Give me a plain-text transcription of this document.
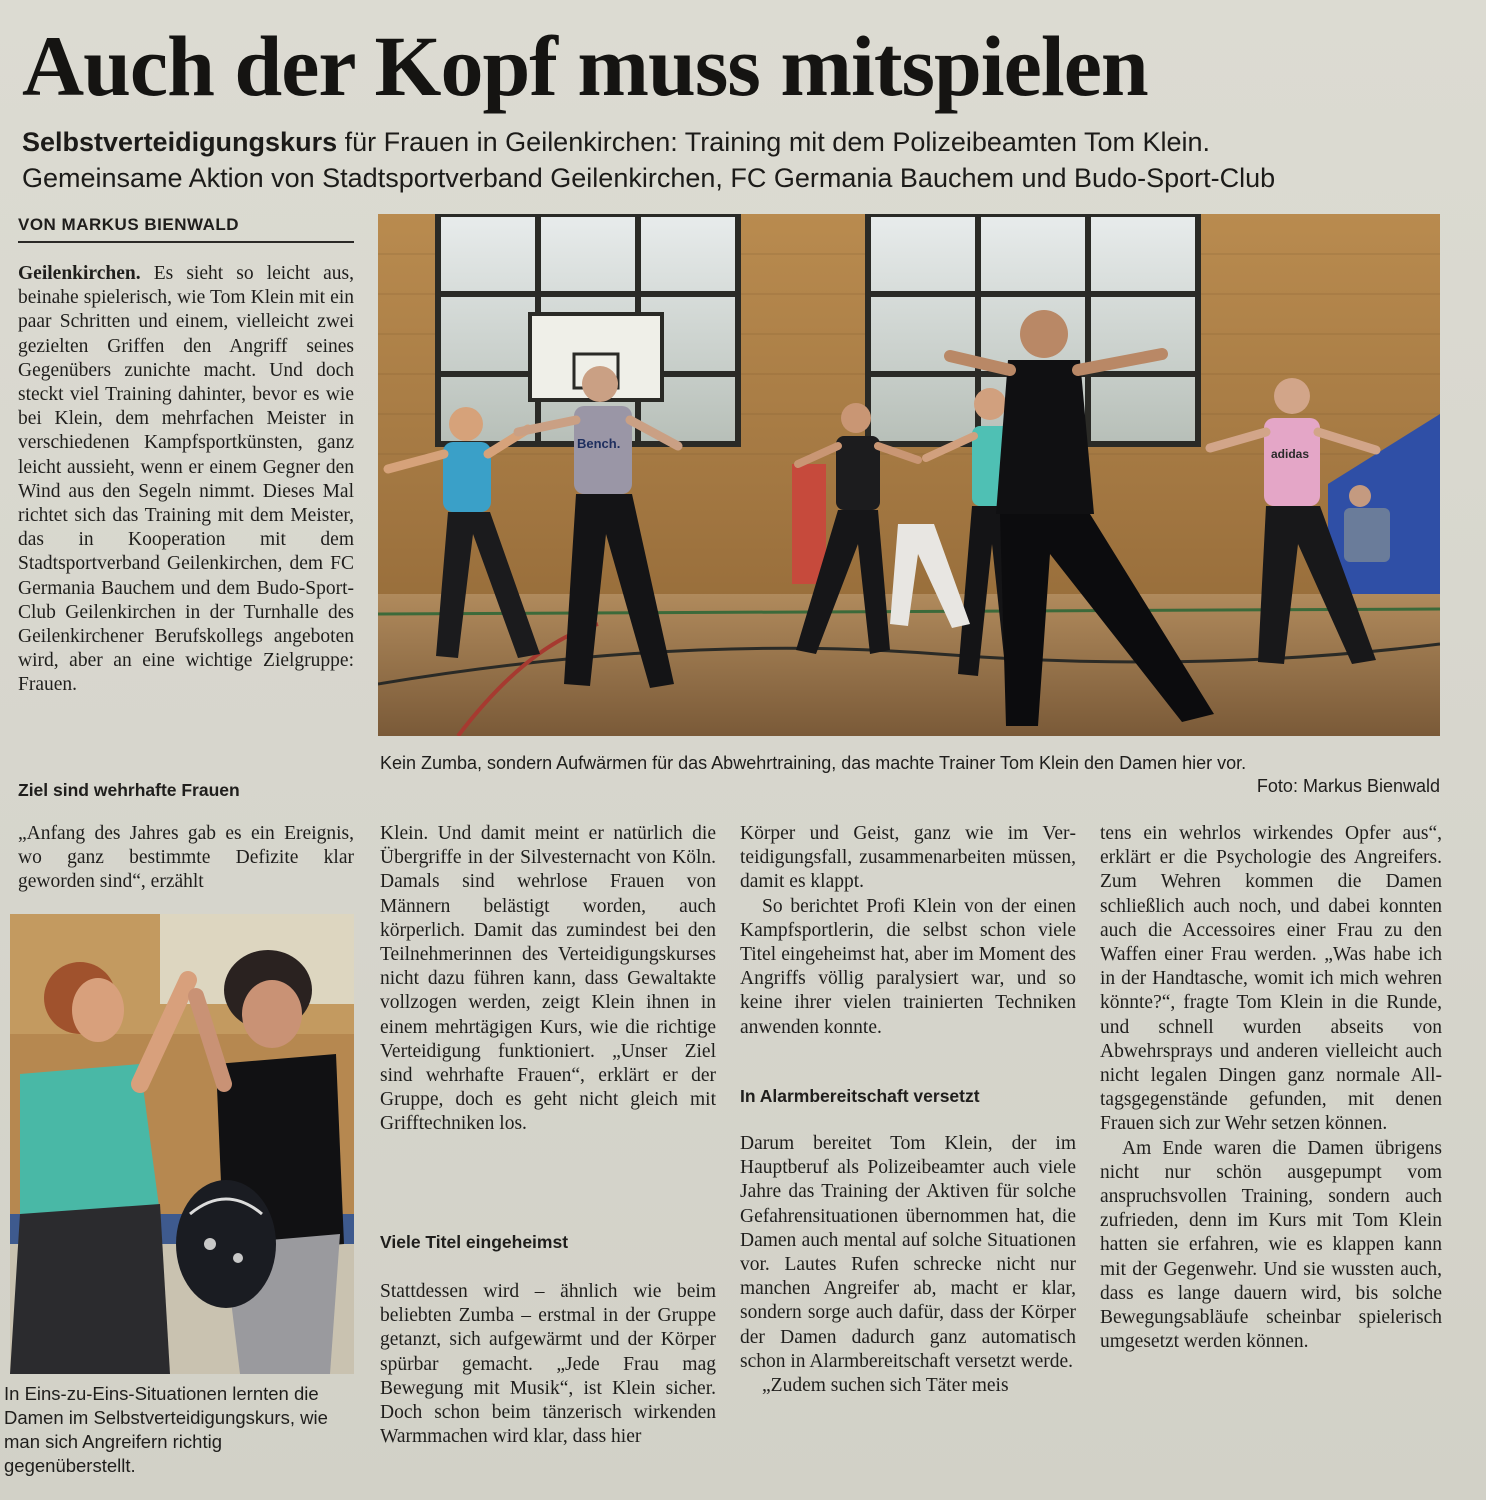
Auch der Kopf muss mitspielen
Selbstverteidigungskurs für Frauen in Geilenkirchen: Training mit dem Polizeibeamten Tom Klein.
Gemeinsame Aktion von Stadtsportverband Geilenkirchen, FC Germania Bauchem und Budo-Sport-Club
VON MARKUS BIENWALD
Bench.
adidas
Kein Zumba, sondern Aufwärmen für das Abwehrtraining, das machte Trainer Tom Klein den Damen hier vor.
Foto: Markus Bienwald

Geilenkirchen. Es sieht so leicht aus, beinahe spielerisch, wie Tom Klein mit ein paar Schritten und einem, vielleicht zwei gezielten Griffen den Angriff seines Gegenübers zunichte macht. Und doch steckt viel Training dahinter, bevor es wie bei Klein, dem mehrfachen Meister in verschiedenen Kampfsportkünsten, ganz leicht aussieht, wenn er einem Gegner den Wind aus den Segeln nimmt. Dieses Mal richtet sich das Training mit dem Meister, das in Kooperation mit dem Stadtsportverband Geilenkirchen, dem FC Germania Bauchem und dem Budo-Sport-Club Geilenkirchen in der Turnhalle des Geilenkirchener Berufskollegs angeboten wird, aber an eine wichtige Zielgruppe: Frauen.

Ziel sind wehrhafte Frauen

„Anfang des Jahres gab es ein Ereignis, wo ganz bestimmte Defizite klar geworden sind“, erzählt

In Eins-zu-Eins-Situationen lernten die Damen im Selbstverteidigungskurs, wie man sich Angreifern richtig gegenüberstellt.

Klein. Und damit meint er natürlich die Übergriffe in der Silvesternacht von Köln. Damals sind wehrlose Frauen von Männern belästigt worden, auch körperlich. Damit das zumindest bei den Teilnehmerinnen des Verteidigungskurses nicht dazu führen kann, dass Gewaltakte vollzogen werden, zeigt Klein ihnen in einem mehrtägigen Kurs, wie die richtige Verteidigung funktioniert. „Unser Ziel sind wehrhafte Frauen“, erklärt er der Gruppe, doch es geht nicht gleich mit Grifftechniken los.

Viele Titel eingeheimst

Stattdessen wird – ähnlich wie beim beliebten Zumba – erstmal in der Gruppe getanzt, sich aufgewärmt und der Körper spürbar gemacht. „Jede Frau mag Bewegung mit Musik“, ist Klein sicher. Doch schon beim tänzerisch wirkenden Warmmachen wird klar, dass hier

Körper und Geist, ganz wie im Verteidigungsfall, zusammenarbeiten müssen, damit es klappt.

So berichtet Profi Klein von der einen Kampfsportlerin, die selbst schon viele Titel eingeheimst hat, aber im Moment des Angriffs völlig paralysiert war, und so keine ihrer vielen trainierten Techniken anwenden konnte.

In Alarmbereitschaft versetzt

Darum bereitet Tom Klein, der im Hauptberuf als Polizeibeamter auch viele Jahre das Training der Aktiven für solche Gefahrensituationen übernommen hat, die Damen auch mental auf solche Situationen vor. Lautes Rufen schrecke nicht nur manchen Angreifer ab, macht er klar, sondern sorge auch dafür, dass der Körper der Damen dadurch ganz automatisch schon in Alarmbereitschaft versetzt werde.

„Zudem suchen sich Täter meis

tens ein wehrlos wirkendes Opfer aus“, erklärt er die Psychologie des Angreifers. Zum Wehren kommen die Damen schließlich auch noch, und dabei konnten auch die Accessoires einer Frau zu den Waffen einer Frau werden. „Was habe ich in der Handtasche, womit ich mich wehren könnte?“, fragte Tom Klein in die Runde, und schnell wurden abseits von Abwehrsprays und anderen vielleicht auch nicht legalen Dingen ganz normale Alltagsgegenstände gefunden, mit denen Frauen sich zur Wehr setzen können.

Am Ende waren die Damen übrigens nicht nur schön ausgepumpt vom anspruchsvollen Training, sondern auch zufrieden, denn im Kurs mit Tom Klein hatten sie erfahren, wie es klappen kann mit der Gegenwehr. Und sie wussten auch, dass es lange dauern wird, bis solche Bewegungsabläufe scheinbar spielerisch umgesetzt werden können.
